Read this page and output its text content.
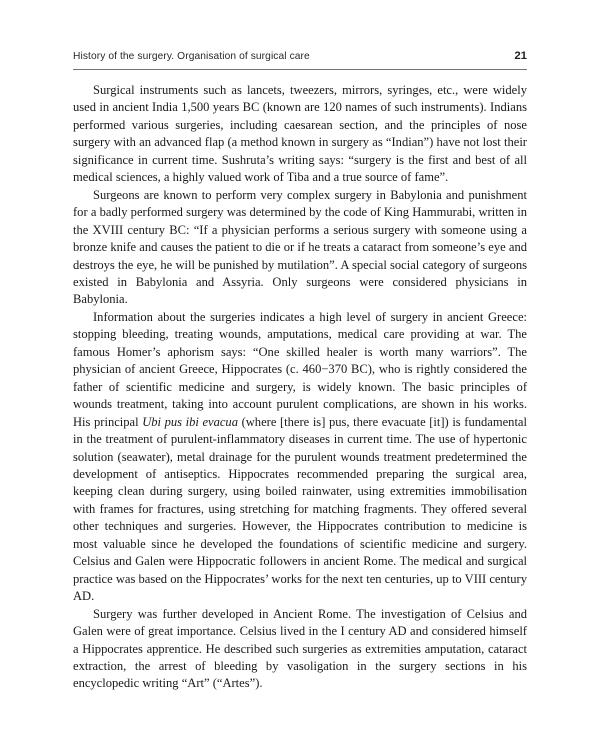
History of the surgery. Organisation of surgical care	21

Surgical instruments such as lancets, tweezers, mirrors, syringes, etc., were widely used in ancient India 1,500 years BC (known are 120 names of such instruments). Indians performed various surgeries, including caesarean section, and the principles of nose surgery with an advanced flap (a method known in surgery as “Indian”) have not lost their significance in current time. Sushruta’s writing says: “surgery is the first and best of all medical sciences, a highly valued work of Tiba and a true source of fame”.

Surgeons are known to perform very complex surgery in Babylonia and punishment for a badly performed surgery was determined by the code of King Hammurabi, written in the XVIII century BC: “If a physician performs a serious surgery with someone using a bronze knife and causes the patient to die or if he treats a cataract from someone’s eye and destroys the eye, he will be punished by mutilation”. A special social category of surgeons existed in Babylonia and Assyria. Only surgeons were considered physicians in Babylonia.

Information about the surgeries indicates a high level of surgery in ancient Greece: stopping bleeding, treating wounds, amputations, medical care providing at war. The famous Homer’s aphorism says: “One skilled healer is worth many warriors”. The physician of ancient Greece, Hippocrates (c. 460−370 BC), who is rightly considered the father of scientific medicine and surgery, is widely known. The basic principles of wounds treatment, taking into account purulent complications, are shown in his works. His principal Ubi pus ibi evacua (where [there is] pus, there evacuate [it]) is fundamental in the treatment of purulent-inflammatory diseases in current time. The use of hypertonic solution (seawater), metal drainage for the purulent wounds treatment predetermined the development of antiseptics. Hippocrates recommended preparing the surgical area, keeping clean during surgery, using boiled rainwater, using extremities immobilisation with frames for fractures, using stretching for matching fragments. They offered several other techniques and surgeries. However, the Hippocrates contribution to medicine is most valuable since he developed the foundations of scientific medicine and surgery. Celsius and Galen were Hippocratic followers in ancient Rome. The medical and surgical practice was based on the Hippocrates’ works for the next ten centuries, up to VIII century AD.

Surgery was further developed in Ancient Rome. The investigation of Celsius and Galen were of great importance. Celsius lived in the I century AD and considered himself a Hippocrates apprentice. He described such surgeries as extremities amputation, cataract extraction, the arrest of bleeding by vasoligation in the surgery sections in his encyclopedic writing “Art” (“Artes”).
